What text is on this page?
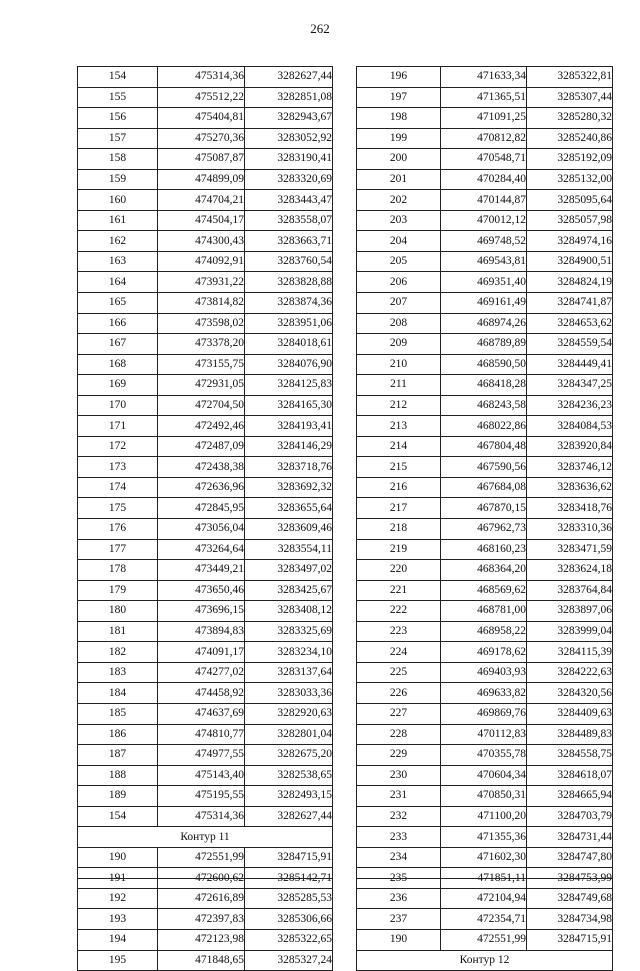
262
154	475314,36	3282627,44
155	475512,22	3282851,08
156	475404,81	3282943,67
157	475270,36	3283052,92
158	475087,87	3283190,41
159	474899,09	3283320,69
160	474704,21	3283443,47
161	474504,17	3283558,07
162	474300,43	3283663,71
163	474092,91	3283760,54
164	473931,22	3283828,88
165	473814,82	3283874,36
166	473598,02	3283951,06
167	473378,20	3284018,61
168	473155,75	3284076,90
169	472931,05	3284125,83
170	472704,50	3284165,30
171	472492,46	3284193,41
172	472487,09	3284146,29
173	472438,38	3283718,76
174	472636,96	3283692,32
175	472845,95	3283655,64
176	473056,04	3283609,46
177	473264,64	3283554,11
178	473449,21	3283497,02
179	473650,46	3283425,67
180	473696,15	3283408,12
181	473894,83	3283325,69
182	474091,17	3283234,10
183	474277,02	3283137,64
184	474458,92	3283033,36
185	474637,69	3282920,63
186	474810,77	3282801,04
187	474977,55	3282675,20
188	475143,40	3282538,65
189	475195,55	3282493,15
154	475314,36	3282627,44
Контур 11		
190	472551,99	3284715,91
191	472600,62	3285142,71
192	472616,89	3285285,53
193	472397,83	3285306,66
194	472123,98	3285322,65
195	471848,65	3285327,24
196	471633,34	3285322,81
197	471365,51	3285307,44
198	471091,25	3285280,32
199	470812,82	3285240,86
200	470548,71	3285192,09
201	470284,40	3285132,00
202	470144,87	3285095,64
203	470012,12	3285057,98
204	469748,52	3284974,16
205	469543,81	3284900,51
206	469351,40	3284824,19
207	469161,49	3284741,87
208	468974,26	3284653,62
209	468789,89	3284559,54
210	468590,50	3284449,41
211	468418,28	3284347,25
212	468243,58	3284236,23
213	468022,86	3284084,53
214	467804,48	3283920,84
215	467590,56	3283746,12
216	467684,08	3283636,62
217	467870,15	3283418,76
218	467962,73	3283310,36
219	468160,23	3283471,59
220	468364,20	3283624,18
221	468569,62	3283764,84
222	468781,00	3283897,06
223	468958,22	3283999,04
224	469178,62	3284115,39
225	469403,93	3284222,63
226	469633,82	3284320,56
227	469869,76	3284409,63
228	470112,83	3284489,83
229	470355,78	3284558,75
230	470604,34	3284618,07
231	470850,31	3284665,94
232	471100,20	3284703,79
233	471355,36	3284731,44
234	471602,30	3284747,80
235	471851,11	3284753,99
236	472104,94	3284749,68
237	472354,71	3284734,98
190	472551,99	3284715,91
Контур 12		
